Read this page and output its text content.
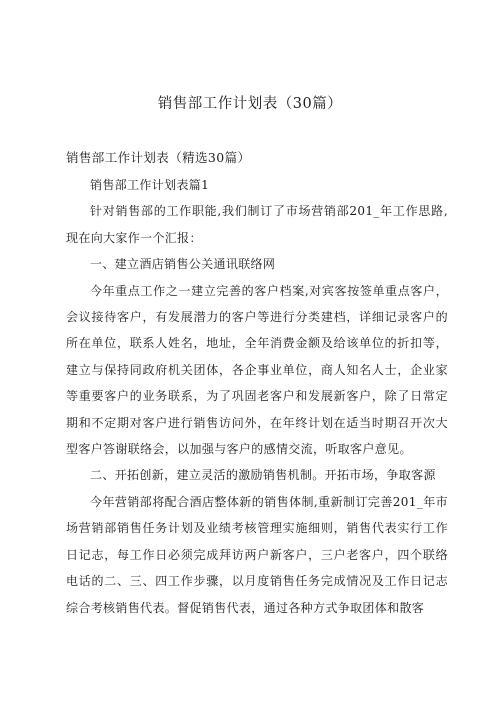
销售部工作计划表（30篇）
销售部工作计划表（精选30篇）

销售部工作计划表篇1

针对销售部的工作职能,我们制订了市场营销部201_年工作思路,现在向大家作一个汇报：

一、建立酒店销售公关通讯联络网

今年重点工作之一建立完善的客户档案,对宾客按签单重点客户，会议接待客户，有发展潜力的客户等进行分类建档，详细记录客户的所在单位，联系人姓名，地址，全年消费金额及给该单位的折扣等，建立与保持同政府机关团体，各企事业单位，商人知名人士，企业家等重要客户的业务联系，为了巩固老客户和发展新客户，除了日常定期和不定期对客户进行销售访问外，在年终计划在适当时期召开次大型客户答谢联络会，以加强与客户的感情交流，听取客户意见。

二、开拓创新，建立灵活的激励销售机制。开拓市场，争取客源

今年营销部将配合酒店整体新的销售体制,重新制订完善201_年市场营销部销售任务计划及业绩考核管理实施细则，销售代表实行工作日记志，每工作日必须完成拜访两户新客户，三户老客户，四个联络电话的二、三、四工作步骤，以月度销售任务完成情况及工作日记志综合考核销售代表。督促销售代表，通过各种方式争取团体和散客
